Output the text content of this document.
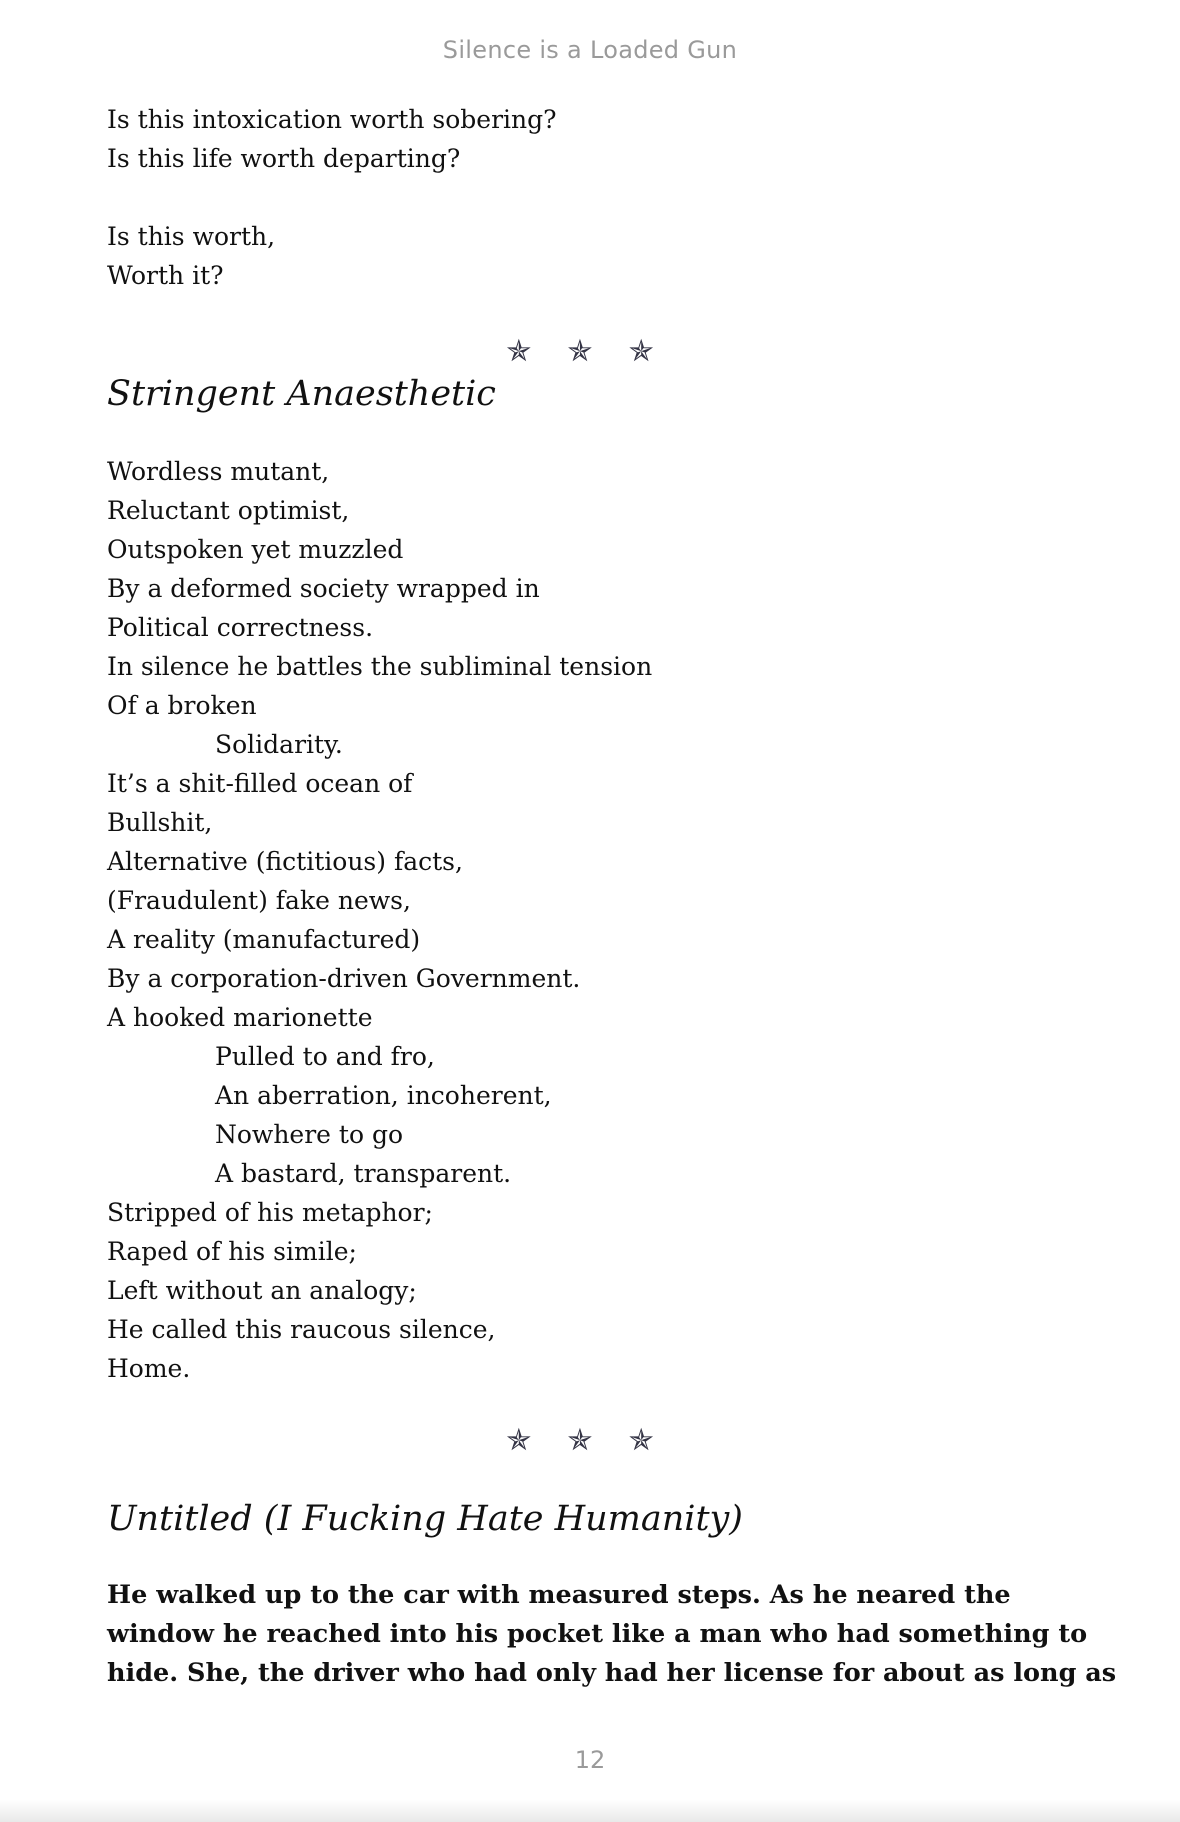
Silence is a Loaded Gun
Is this intoxication worth sobering?
Is this life worth departing?
Is this worth,
Worth it?
✯ ✯ ✯
Stringent Anaesthetic
Wordless mutant,
Reluctant optimist,
Outspoken yet muzzled
By a deformed society wrapped in
Political correctness.
In silence he battles the subliminal tension
Of a broken
Solidarity.
It’s a shit-filled ocean of
Bullshit,
Alternative (fictitious) facts,
(Fraudulent) fake news,
A reality (manufactured)
By a corporation-driven Government.
A hooked marionette
Pulled to and fro,
An aberration, incoherent,
Nowhere to go
A bastard, transparent.
Stripped of his metaphor;
Raped of his simile;
Left without an analogy;
He called this raucous silence,
Home.
✯ ✯ ✯
Untitled (I Fucking Hate Humanity)
He walked up to the car with measured steps. As he neared the
window he reached into his pocket like a man who had something to
hide. She, the driver who had only had her license for about as long as
12
